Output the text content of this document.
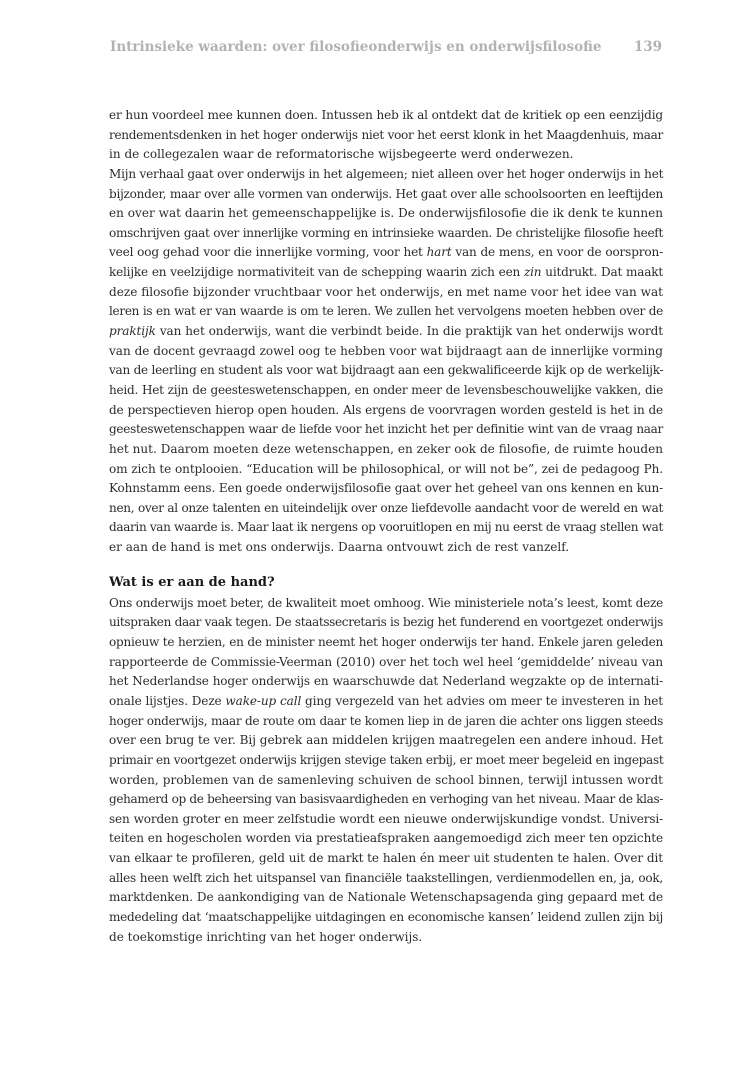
Intrinsieke waarden: over filosofieonderwijs en onderwijsfilosofie 139
er hun voordeel mee kunnen doen. Intussen heb ik al ontdekt dat de kritiek op een eenzijdig
rendementsdenken in het hoger onderwijs niet voor het eerst klonk in het Maagdenhuis, maar
in de collegezalen waar de reformatorische wijsbegeerte werd onderwezen.
Mijn verhaal gaat over onderwijs in het algemeen; niet alleen over het hoger onderwijs in het
bijzonder, maar over alle vormen van onderwijs. Het gaat over alle schoolsoorten en leeftijden
en over wat daarin het gemeenschappelijke is. De onderwijsfilosofie die ik denk te kunnen
omschrijven gaat over innerlijke vorming en intrinsieke waarden. De christelijke filosofie heeft
veel oog gehad voor die innerlijke vorming, voor het hart van de mens, en voor de oorspron-
kelijke en veelzijdige normativiteit van de schepping waarin zich een zin uitdrukt. Dat maakt
deze filosofie bijzonder vruchtbaar voor het onderwijs, en met name voor het idee van wat
leren is en wat er van waarde is om te leren. We zullen het vervolgens moeten hebben over de
praktijk van het onderwijs, want die verbindt beide. In die praktijk van het onderwijs wordt
van de docent gevraagd zowel oog te hebben voor wat bijdraagt aan de innerlijke vorming
van de leerling en student als voor wat bijdraagt aan een gekwalificeerde kijk op de werkelijk-
heid. Het zijn de geesteswetenschappen, en onder meer de levensbeschouwelijke vakken, die
de perspectieven hierop open houden. Als ergens de voorvragen worden gesteld is het in de
geesteswetenschappen waar de liefde voor het inzicht het per definitie wint van de vraag naar
het nut. Daarom moeten deze wetenschappen, en zeker ook de filosofie, de ruimte houden
om zich te ontplooien. “Education will be philosophical, or will not be”, zei de pedagoog Ph.
Kohnstamm eens. Een goede onderwijsfilosofie gaat over het geheel van ons kennen en kun-
nen, over al onze talenten en uiteindelijk over onze liefdevolle aandacht voor de wereld en wat
daarin van waarde is. Maar laat ik nergens op vooruitlopen en mij nu eerst de vraag stellen wat
er aan de hand is met ons onderwijs. Daarna ontvouwt zich de rest vanzelf.
Wat is er aan de hand?
Ons onderwijs moet beter, de kwaliteit moet omhoog. Wie ministeriele nota’s leest, komt deze
uitspraken daar vaak tegen. De staatssecretaris is bezig het funderend en voortgezet onderwijs
opnieuw te herzien, en de minister neemt het hoger onderwijs ter hand. Enkele jaren geleden
rapporteerde de Commissie-Veerman (2010) over het toch wel heel ‘gemiddelde’ niveau van
het Nederlandse hoger onderwijs en waarschuwde dat Nederland wegzakte op de internati-
onale lijstjes. Deze wake-up call ging vergezeld van het advies om meer te investeren in het
hoger onderwijs, maar de route om daar te komen liep in de jaren die achter ons liggen steeds
over een brug te ver. Bij gebrek aan middelen krijgen maatregelen een andere inhoud. Het
primair en voortgezet onderwijs krijgen stevige taken erbij, er moet meer begeleid en ingepast
worden, problemen van de samenleving schuiven de school binnen, terwijl intussen wordt
gehamerd op de beheersing van basisvaardigheden en verhoging van het niveau. Maar de klas-
sen worden groter en meer zelfstudie wordt een nieuwe onderwijskundige vondst. Universi-
teiten en hogescholen worden via prestatieafspraken aangemoedigd zich meer ten opzichte
van elkaar te profileren, geld uit de markt te halen én meer uit studenten te halen. Over dit
alles heen welft zich het uitspansel van financiële taakstellingen, verdienmodellen en, ja, ook,
marktdenken. De aankondiging van de Nationale Wetenschapsagenda ging gepaard met de
mededeling dat ‘maatschappelijke uitdagingen en economische kansen’ leidend zullen zijn bij
de toekomstige inrichting van het hoger onderwijs.
